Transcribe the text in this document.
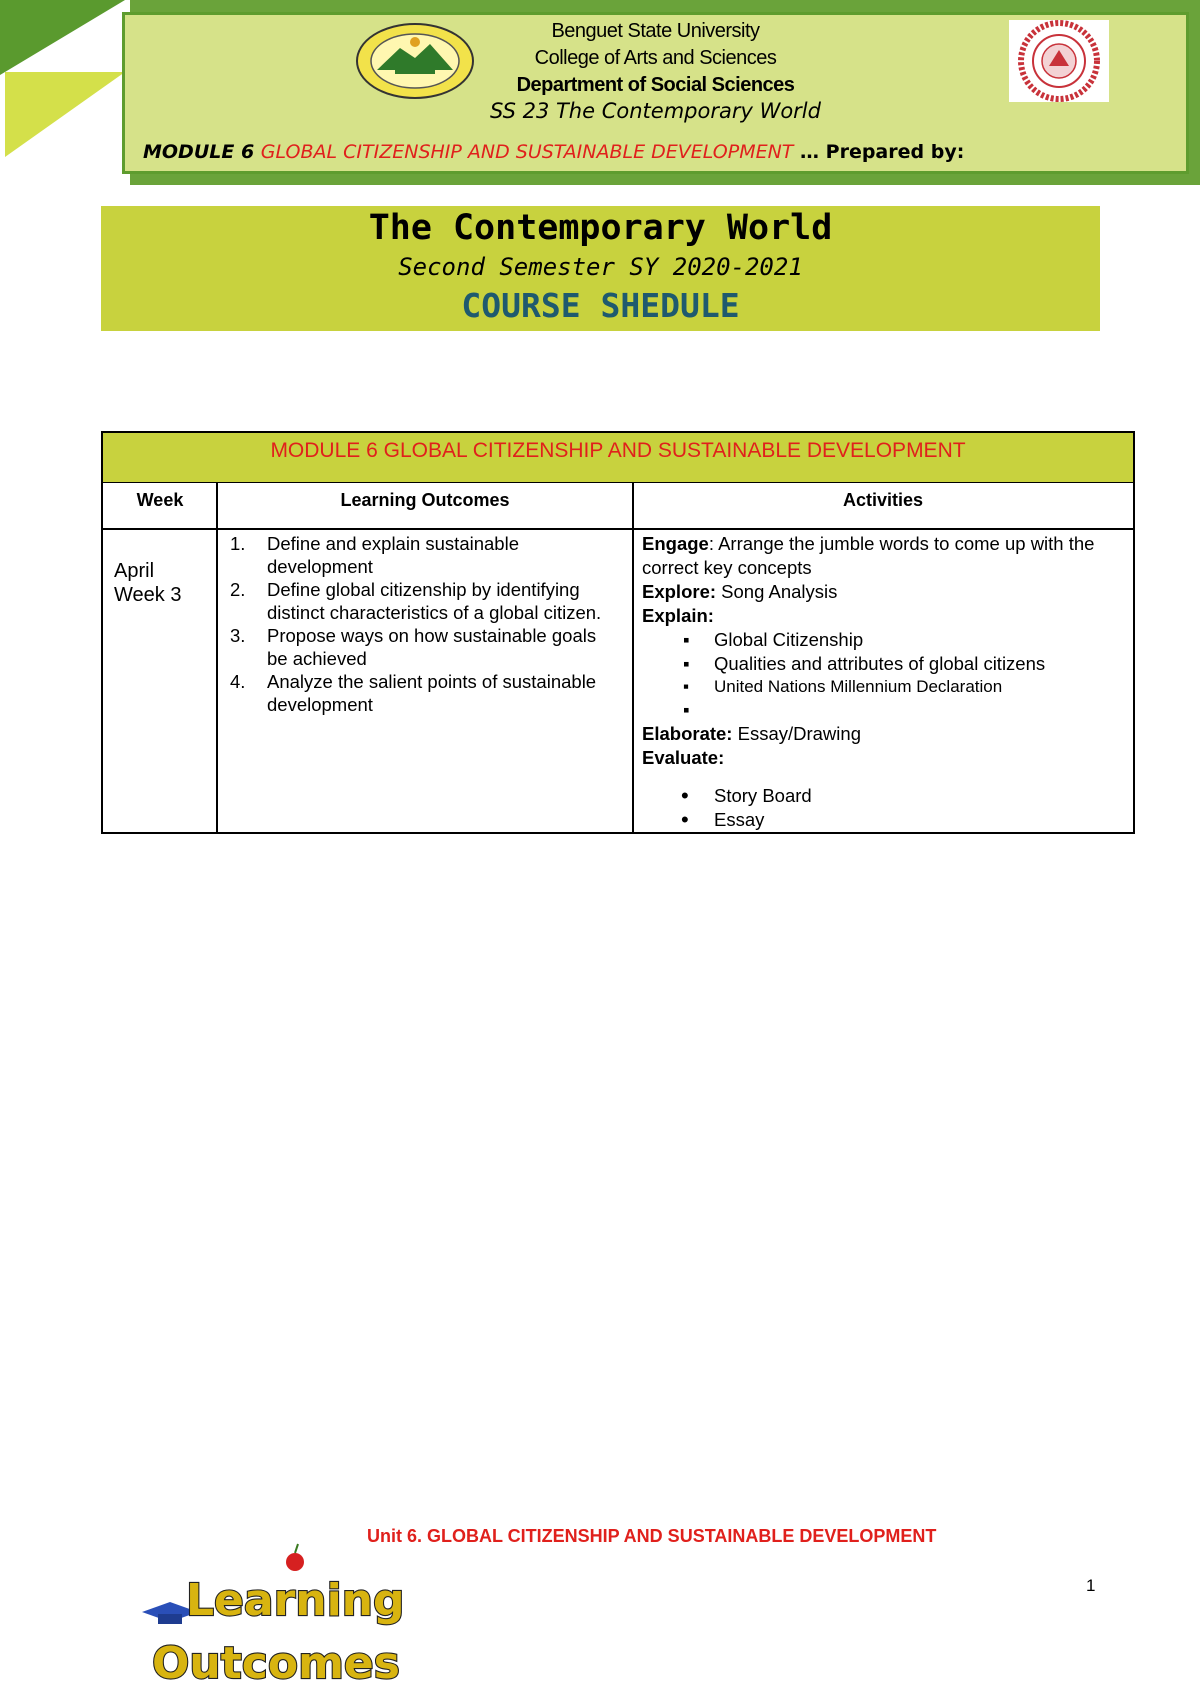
Benguet State University
College of Arts and Sciences
Department of Social Sciences
SS 23 The Contemporary World
MODULE 6 GLOBAL CITIZENSHIP AND SUSTAINABLE DEVELOPMENT … Prepared by:
The Contemporary World
Second Semester SY 2020-2021
COURSE SHEDULE
MODULE 6 GLOBAL CITIZENSHIP AND SUSTAINABLE DEVELOPMENT
Week	Learning Outcomes	Activities
April
Week 3
1. Define and explain sustainable development
2. Define global citizenship by identifying distinct characteristics of a global citizen.
3. Propose ways on how sustainable goals be achieved
4. Analyze the salient points of sustainable development
Engage: Arrange the jumble words to come up with the correct key concepts
Explore: Song Analysis
Explain:
▪ Global Citizenship
▪ Qualities and attributes of global citizens
▪ United Nations Millennium Declaration
▪
Elaborate: Essay/Drawing
Evaluate:
• Story Board
• Essay
Unit 6. GLOBAL CITIZENSHIP AND SUSTAINABLE DEVELOPMENT
1
Learning
Outcomes
